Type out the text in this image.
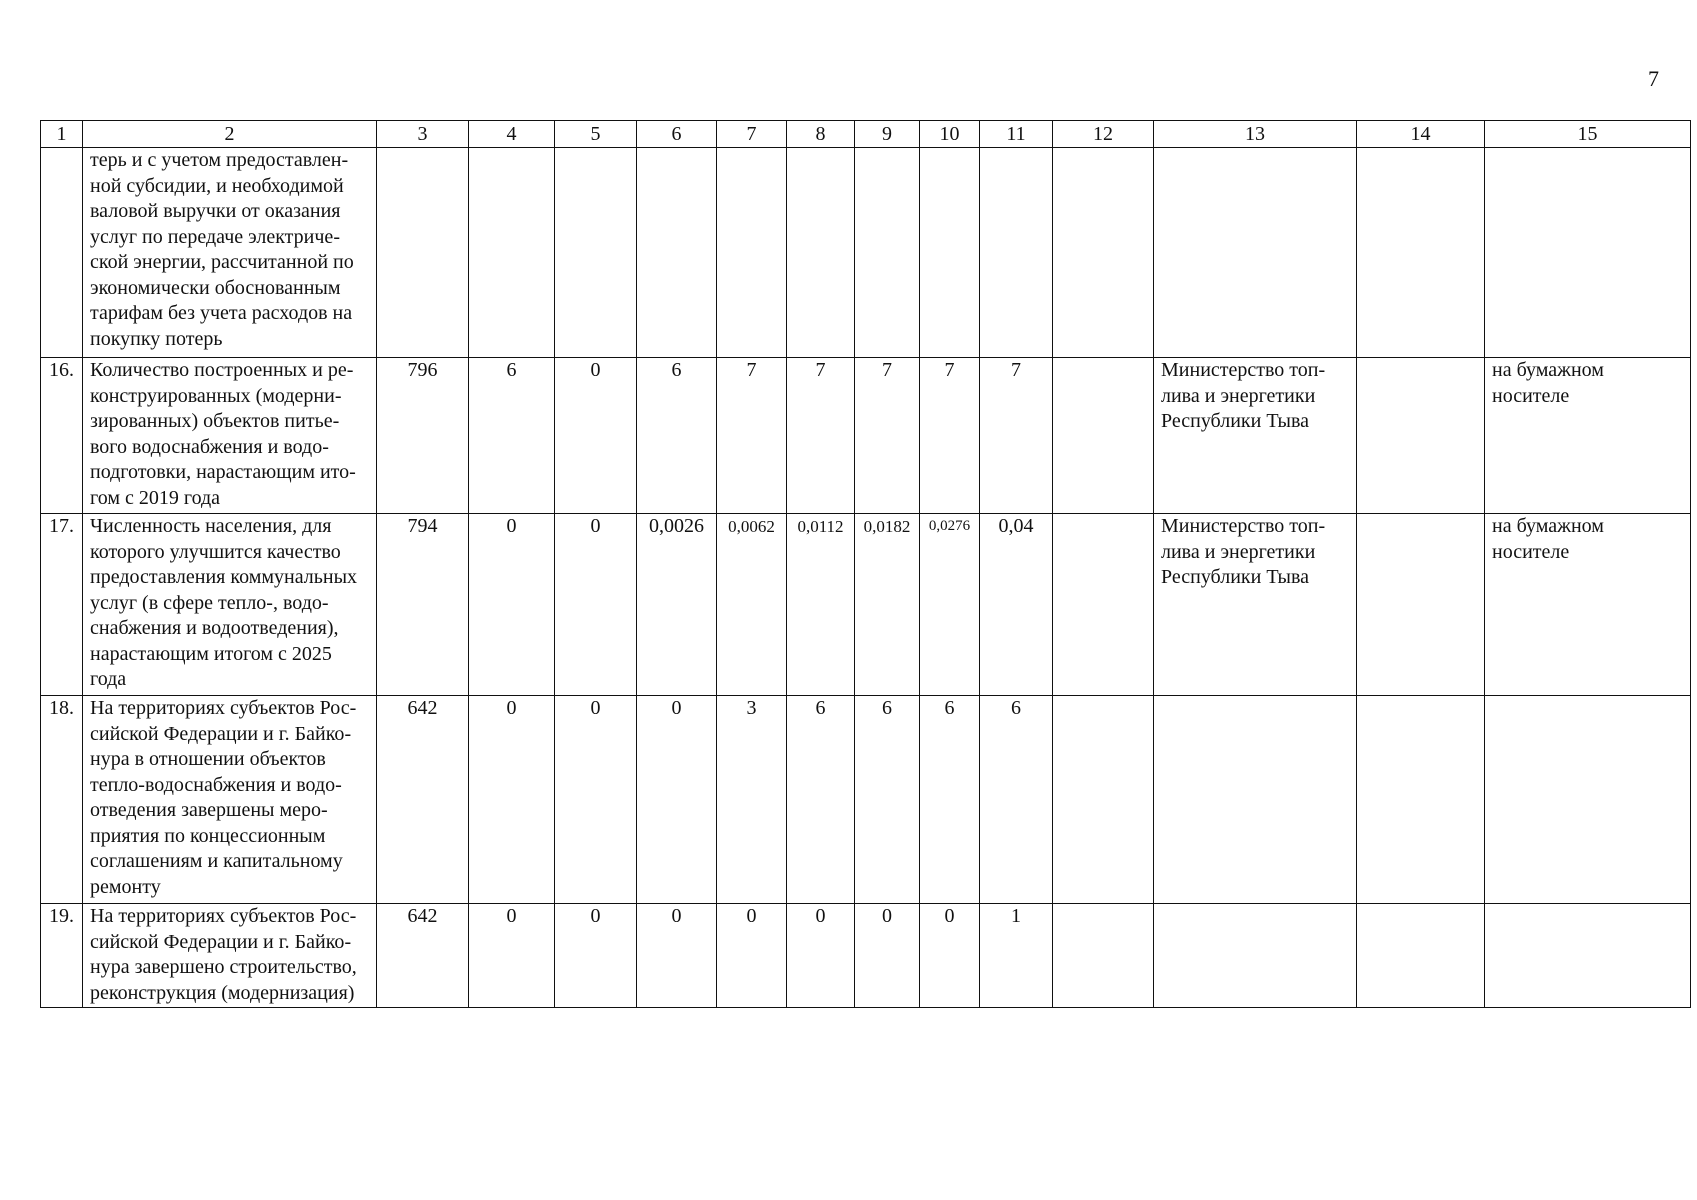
7
1	2	3	4	5	6	7	8	9	10	11	12	13	14	15
	терь и с учетом предоставленной субсидии, и необходимой валовой выручки от оказания услуг по передаче электрической энергии, рассчитанной по экономически обоснованным тарифам без учета расходов на покупку потерь													
16.	Количество построенных и реконструированных (модернизированных) объектов питьевого водоснабжения и водоподготовки, нарастающим итогом с 2019 года	796	6	0	6	7	7	7	7	7		Министерство топлива и энергетики Республики Тыва		на бумажном носителе
17.	Численность населения, для которого улучшится качество предоставления коммунальных услуг (в сфере тепло-, водоснабжения и водоотведения), нарастающим итогом с 2025 года	794	0	0	0,0026	0,0062	0,0112	0,0182	0,0276	0,04		Министерство топлива и энергетики Республики Тыва		на бумажном носителе
18.	На территориях субъектов Российской Федерации и г. Байконура в отношении объектов тепло-водоснабжения и водоотведения завершены мероприятия по концессионным соглашениям и капитальному ремонту	642	0	0	0	3	6	6	6	6				
19.	На территориях субъектов Российской Федерации и г. Байконура завершено строительство, реконструкция (модернизация)	642	0	0	0	0	0	0	0	1				
